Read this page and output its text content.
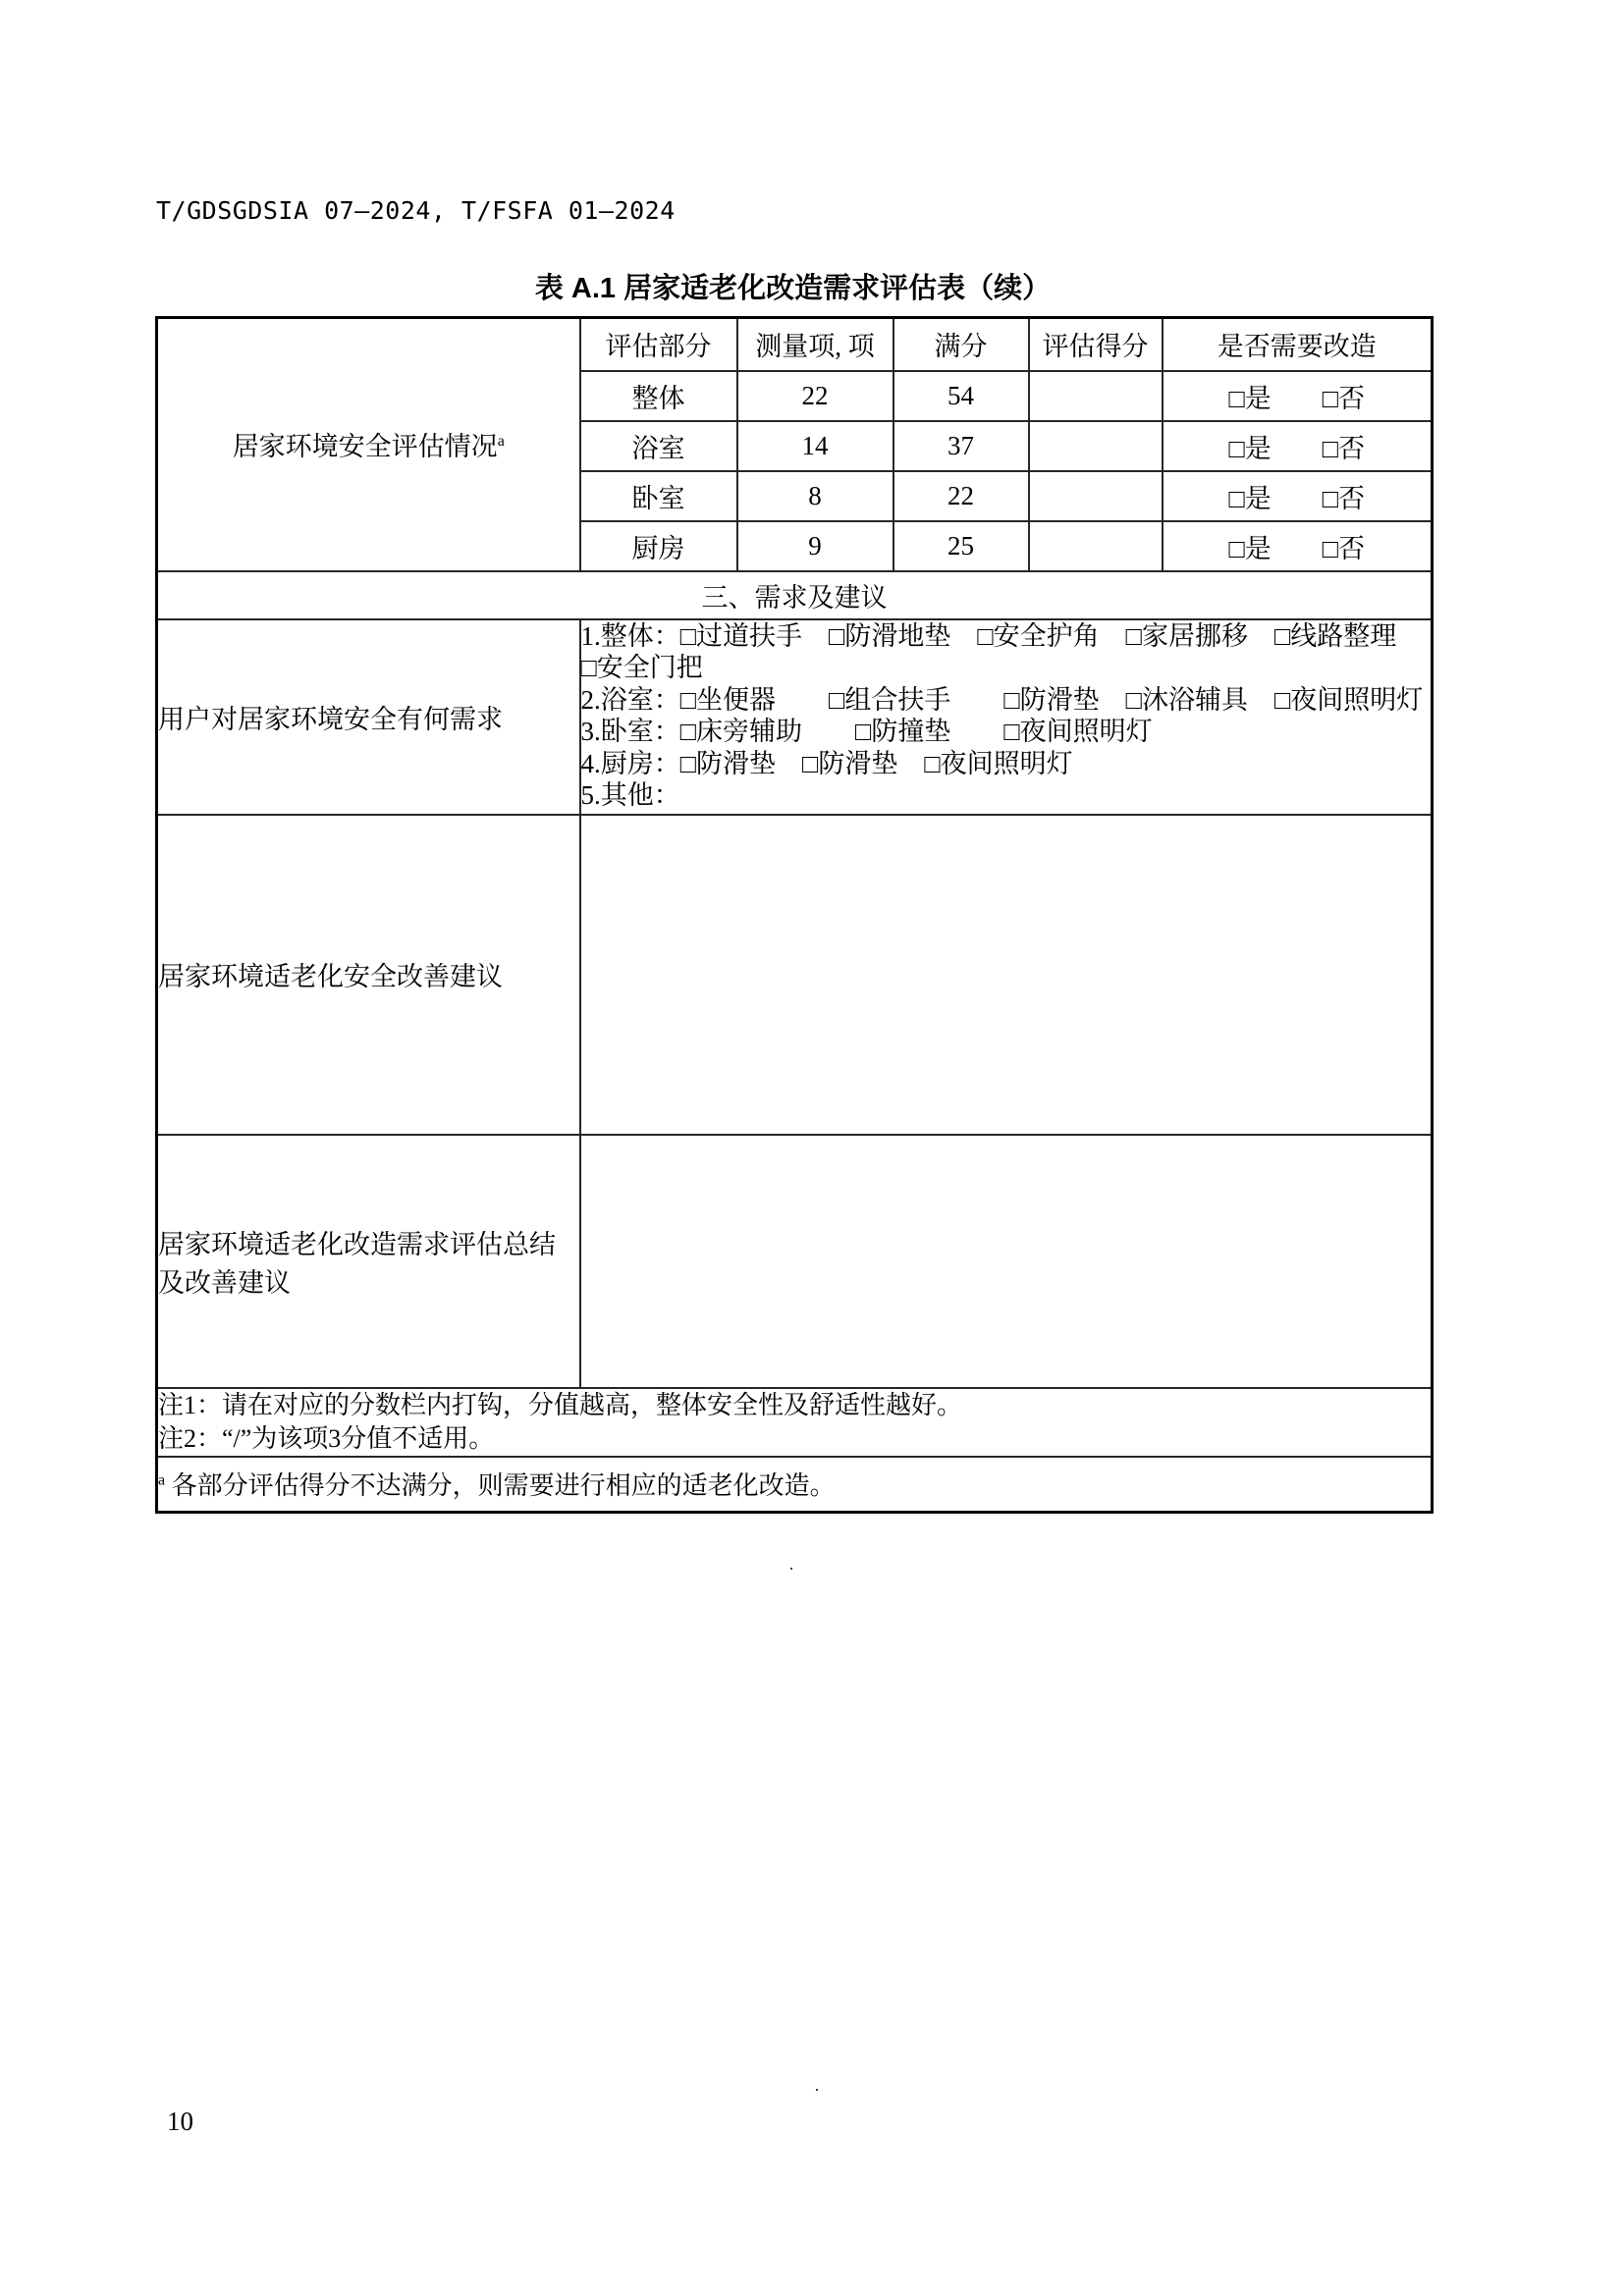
T/GDSGDSIA 07—2024, T/FSFA 01—2024
表 A.1 居家适老化改造需求评估表（续）
居家环境安全评估情况$^a$	评估部分	测量项, 项	满分	评估得分	是否需要改造
	整体	22	54		□是 □否

	浴室	14	37		□是 □否

	卧室	8	22		□是 □否

	厨房	9	25		□是 □否

三、需求及建议					
用户对居家环境安全有何需求	
1.整体：□过道扶手　□防滑地垫　□安全护角　□家居挪移　□线路整理
□安全门把
2.浴室：□坐便器　　□组合扶手　　□防滑垫　□沐浴辅具　□夜间照明灯
3.卧室：□床旁辅助　　□防撞垫　　□夜间照明灯
4.厨房：□防滑垫　□防滑垫　□夜间照明灯
5.其他：

居家环境适老化安全改善建议					
居家环境适老化改造需求评估总结及改善建议					

注1：请在对应的分数栏内打钩，分值越高，整体安全性及舒适性越好。
注2：“/”为该项3分值不适用。					

$^a$ 各部分评估得分不达满分，则需要进行相应的适老化改造。					
·
·
10
